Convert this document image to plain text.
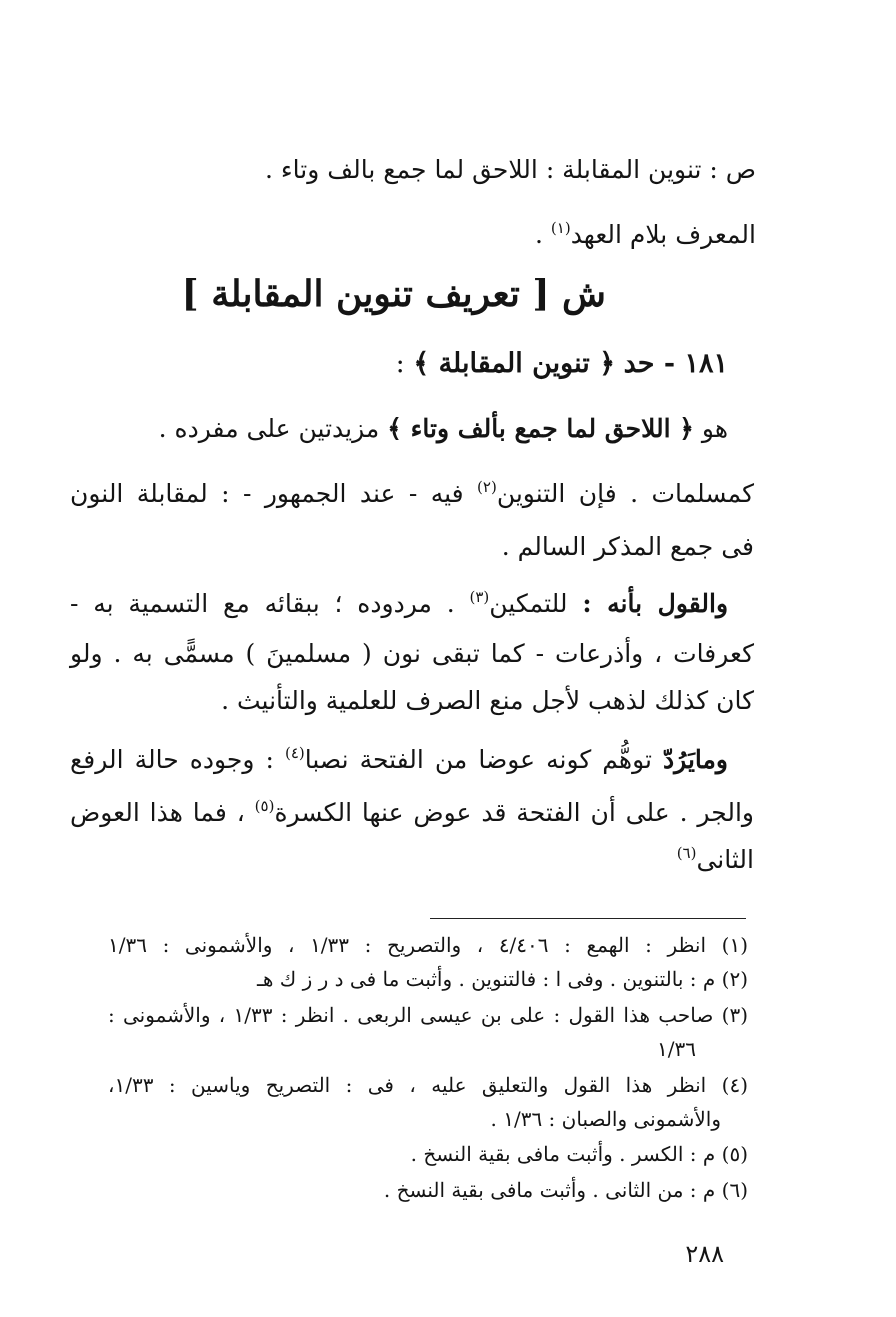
ص : تنوين المقابلة : اللاحق لما جمع بالف وتاء .
المعرف بلام العهد$^{(١)}$ .
ش [ تعريف تنوين المقابلة ]
١٨١ - حد ﴿ تنوين المقابلة ﴾ :
هو ﴿ اللاحق لما جمع بألف وتاء ﴾ مزيدتين على مفرده .
كمسلمات . فإن التنوين$^{(٢)}$ فيه - عند الجمهور - : لمقابلة النون
فى جمع المذكر السالم .
والقول بأنه : للتمكين$^{(٣)}$ . مردوده ؛ ببقائه مع التسمية به -
كعرفات ، وأذرعات - كما تبقى نون ( مسلمينَ ) مسمًّى به . ولو
كان كذلك لذهب لأجل منع الصرف للعلمية والتأنيث .
ومايَرُدّ توهُّم كونه عوضا من الفتحة نصبا$^{(٤)}$ : وجوده حالة الرفع
والجر . على أن الفتحة قد عوض عنها الكسرة$^{(٥)}$ ، فما هذا العوض
الثانى$^{(٦)}$
(١) انظر : الهمع : ٤/٤٠٦ ، والتصريح : ١/٣٣ ، والأشمونى : ١/٣٦
(٢) م : بالتنوين . وفى ا : فالتنوين . وأثبت ما فى د ر ز ك هـ
(٣) صاحب هذا القول : على بن عيسى الربعى . انظر : ١/٣٣ ، والأشمونى :
١/٣٦
(٤) انظر هذا القول والتعليق عليه ، فى : التصريح وياسين : ١/٣٣،
والأشمونى والصبان : ١/٣٦ .
(٥) م : الكسر . وأثبت مافى بقية النسخ .
(٦) م : من الثانى . وأثبت مافى بقية النسخ .
٢٨٨
